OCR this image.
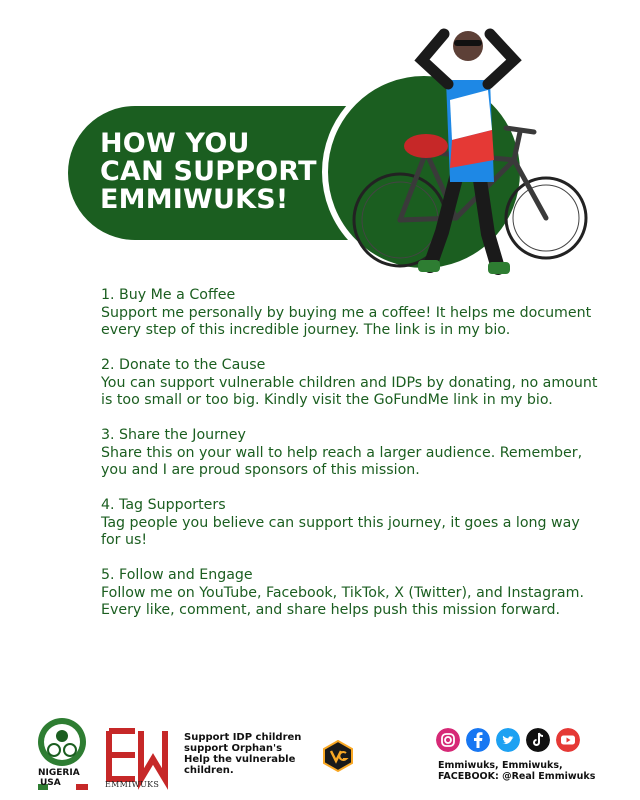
HOW YOU
CAN SUPPORT
EMMIWUKS!
1. Buy Me a Coffee
Support me personally by buying me a coffee! It helps me document every step of this incredible journey. The link is in my bio.
2. Donate to the Cause
You can support vulnerable children and IDPs by donating, no amount is too small or too big. Kindly visit the GoFundMe link in my bio.
3. Share the Journey
Share this on your wall to help reach a larger audience. Remember, you and I are proud sponsors of this mission.
4. Tag Supporters
Tag people you believe can support this journey, it goes a long way for us!
5. Follow and Engage
Follow me on YouTube, Facebook, TikTok, X (Twitter), and Instagram. Every like, comment, and share helps push this mission forward.
NIGERIA
USA	EMMIWUKS
Support IDP children
support Orphan's
Help the vulnerable
children.	Emmiwuks, Emmiwuks,
FACEBOOK: @Real Emmiwuks
